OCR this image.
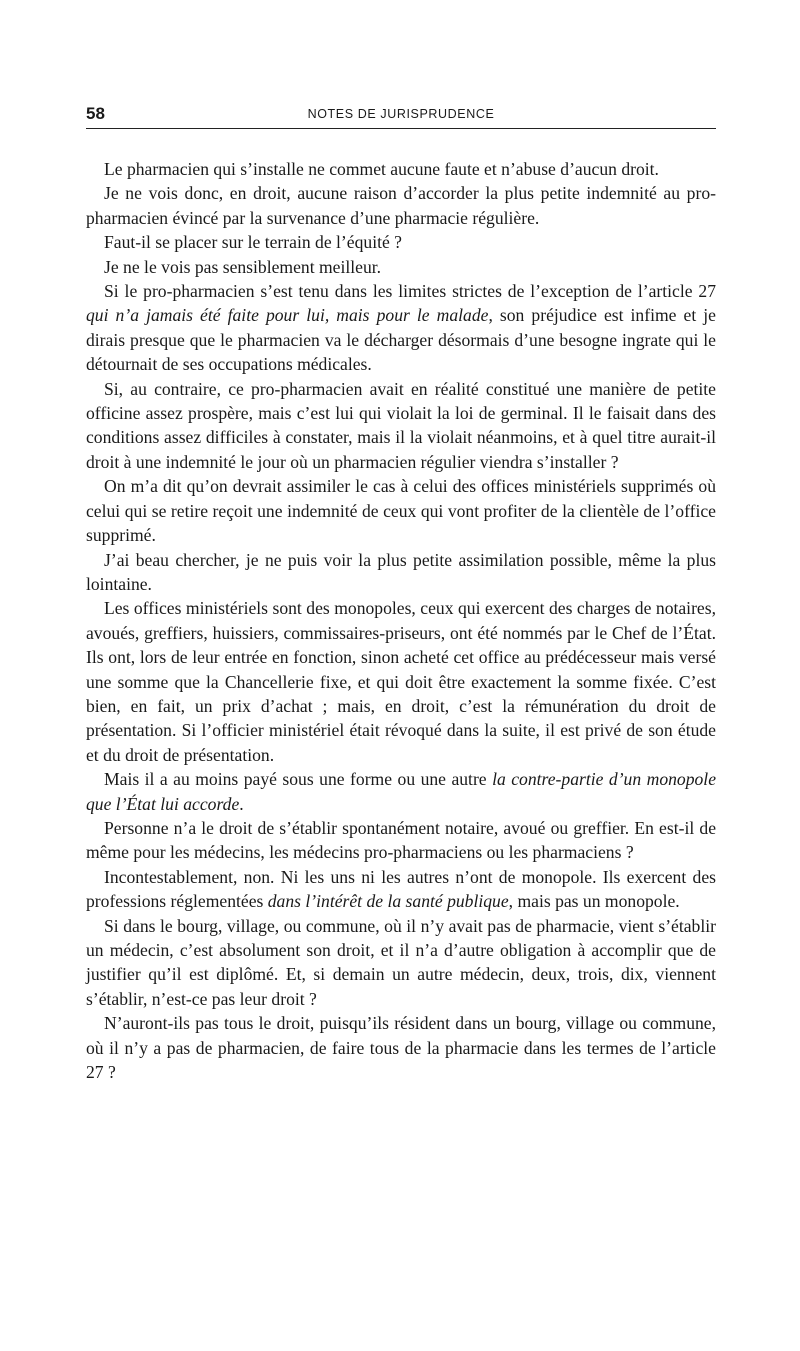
58	NOTES DE JURISPRUDENCE

Le pharmacien qui s’installe ne commet aucune faute et n’abuse d’aucun droit.

Je ne vois donc, en droit, aucune raison d’accorder la plus petite indemnité au pro-pharmacien évincé par la survenance d’une pharmacie régulière.

Faut-il se placer sur le terrain de l’équité ?

Je ne le vois pas sensiblement meilleur.

Si le pro-pharmacien s’est tenu dans les limites strictes de l’exception de l’article 27 qui n’a jamais été faite pour lui, mais pour le malade, son préjudice est infime et je dirais presque que le pharmacien va le décharger désormais d’une besogne ingrate qui le détournait de ses occupations médicales.

Si, au contraire, ce pro-pharmacien avait en réalité constitué une manière de petite officine assez prospère, mais c’est lui qui violait la loi de germinal. Il le faisait dans des conditions assez difficiles à constater, mais il la violait néanmoins, et à quel titre aurait-il droit à une indemnité le jour où un pharmacien régulier viendra s’installer ?

On m’a dit qu’on devrait assimiler le cas à celui des offices ministériels supprimés où celui qui se retire reçoit une indemnité de ceux qui vont profiter de la clientèle de l’office supprimé.

J’ai beau chercher, je ne puis voir la plus petite assimilation possible, même la plus lointaine.

Les offices ministériels sont des monopoles, ceux qui exercent des charges de notaires, avoués, greffiers, huissiers, commissaires-priseurs, ont été nommés par le Chef de l’État. Ils ont, lors de leur entrée en fonction, sinon acheté cet office au prédécesseur mais versé une somme que la Chancellerie fixe, et qui doit être exactement la somme fixée. C’est bien, en fait, un prix d’achat ; mais, en droit, c’est la rémunération du droit de présentation. Si l’officier ministériel était révoqué dans la suite, il est privé de son étude et du droit de présentation.

Mais il a au moins payé sous une forme ou une autre la contre-partie d’un monopole que l’État lui accorde.

Personne n’a le droit de s’établir spontanément notaire, avoué ou greffier. En est-il de même pour les médecins, les médecins pro-pharmaciens ou les pharmaciens ?

Incontestablement, non. Ni les uns ni les autres n’ont de monopole. Ils exercent des professions réglementées dans l’intérêt de la santé publique, mais pas un monopole.

Si dans le bourg, village, ou commune, où il n’y avait pas de pharmacie, vient s’établir un médecin, c’est absolument son droit, et il n’a d’autre obligation à accomplir que de justifier qu’il est diplômé. Et, si demain un autre médecin, deux, trois, dix, viennent s’établir, n’est-ce pas leur droit ?

N’auront-ils pas tous le droit, puisqu’ils résident dans un bourg, village ou commune, où il n’y a pas de pharmacien, de faire tous de la pharmacie dans les termes de l’article 27 ?
